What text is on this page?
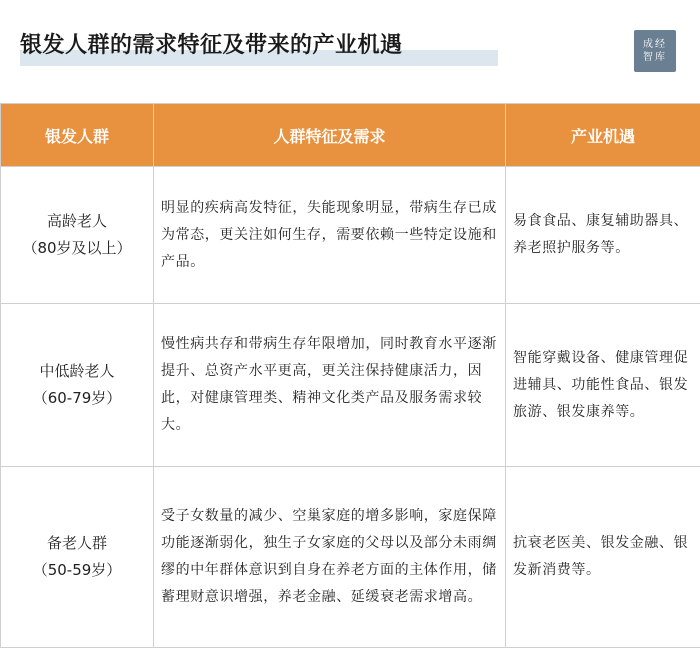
银发人群的需求特征及带来的产业机遇	成经
智库
银发人群	人群特征及需求	产业机遇

高龄老人
（80岁及以上）	明显的疾病高发特征，失能现象明显，带病生存已成为常态，更关注如何生存，需要依赖一些特定设施和产品。	易食食品、康复辅助器具、养老照护服务等。

中低龄老人
（60-79岁）	慢性病共存和带病生存年限增加，同时教育水平逐渐提升、总资产水平更高，更关注保持健康活力，因此，对健康管理类、精神文化类产品及服务需求较大。	智能穿戴设备、健康管理促进辅具、功能性食品、银发旅游、银发康养等。

备老人群
（50-59岁）	受子女数量的减少、空巢家庭的增多影响，家庭保障功能逐渐弱化，独生子女家庭的父母以及部分未雨绸缪的中年群体意识到自身在养老方面的主体作用，储蓄理财意识增强，养老金融、延缓衰老需求增高。	抗衰老医美、银发金融、银发新消费等。
